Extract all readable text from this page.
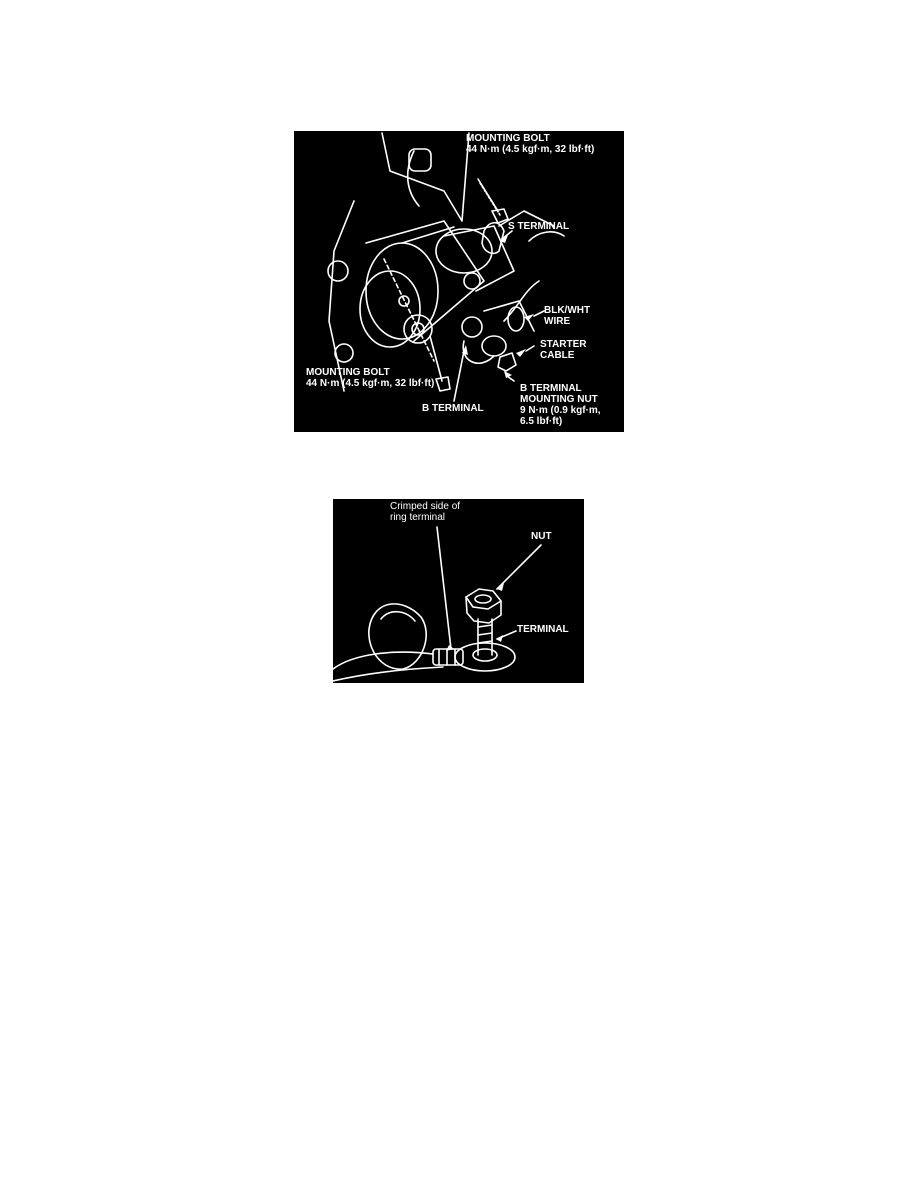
MOUNTING BOLT
44 N·m (4.5 kgf·m, 32 lbf·ft)
S TERMINAL
BLK/WHT
WIRE
STARTER
CABLE
MOUNTING BOLT
44 N·m (4.5 kgf·m, 32 lbf·ft)
B TERMINAL
B TERMINAL
MOUNTING NUT
9 N·m (0.9 kgf·m,
6.5 lbf·ft)
Crimped side of
ring terminal
NUT
TERMINAL
